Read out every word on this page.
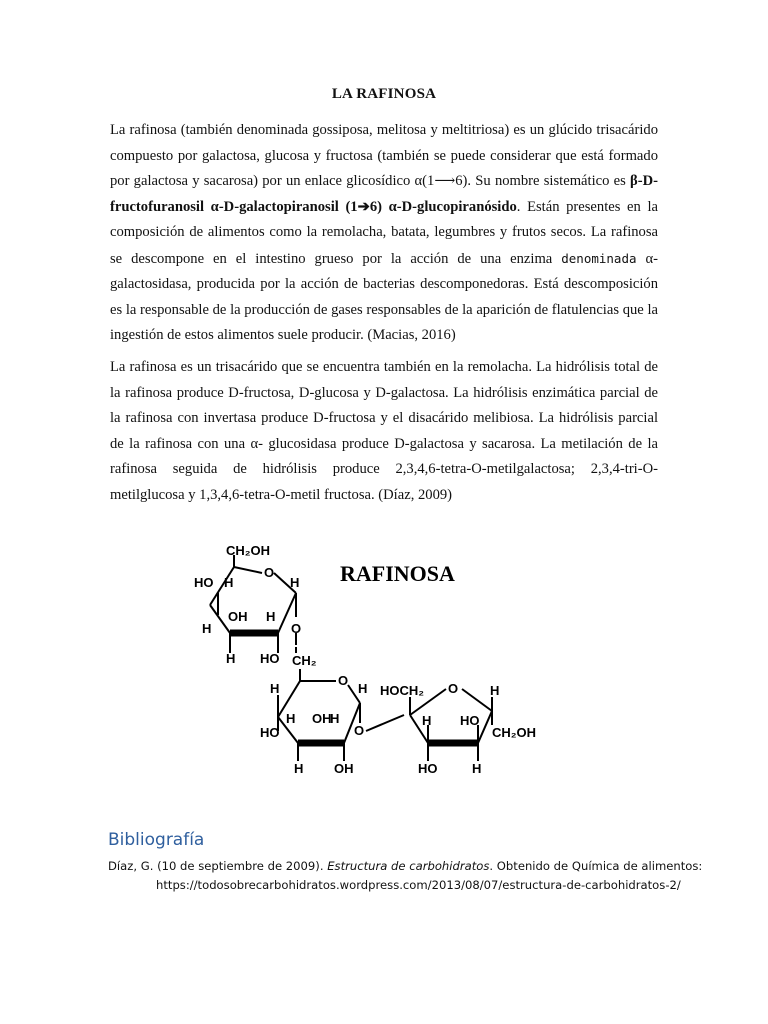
LA RAFINOSA

La rafinosa (también denominada gossiposa, melitosa y meltitriosa) es un glúcido trisacárido compuesto por galactosa, glucosa y fructosa (también se puede considerar que está formado por galactosa y sacarosa) por un enlace glicosídico α(1⟶6). Su nombre sistemático es β-D-fructofuranosil α-D-galactopiranosil (1➔6) α-D-glucopiranósido. Están presentes en la composición de alimentos como la remolacha, batata, legumbres y frutos secos. La rafinosa se descompone en el intestino grueso por la acción de una enzima denominada α-galactosidasa, producida por la acción de bacterias descomponedoras. Está descomposición es la responsable de la producción de gases responsables de la aparición de flatulencias que la ingestión de estos alimentos suele producir. (Macias, 2016)

La rafinosa es un trisacárido que se encuentra también en la remolacha. La hidrólisis total de la rafinosa produce D-fructosa, D-glucosa y D-galactosa. La hidrólisis enzimática parcial de la rafinosa con invertasa produce D-fructosa y el disacárido melibiosa. La hidrólisis parcial de la rafinosa con una α- glucosidasa produce D-galactosa y sacarosa. La metilación de la rafinosa seguida de hidrólisis produce 2,3,4,6-tetra-O-metilgalactosa; 2,3,4-tri-O-metilglucosa y 1,3,4,6-tetra-O-metil fructosa. (Díaz, 2009)

RAFINOSA
CH₂OH
O
HO H	H
OH H
H	O
H HO CH₂
O
H	H
H OH
HO
H
O
H OH
HOCH₂ O H
H HO
CH₂OH
HO	H
Bibliografía
Díaz, G. (10 de septiembre de 2009). Estructura de carbohidratos. Obtenido de Química de alimentos: https://todosobrecarbohidratos.wordpress.com/2013/08/07/estructura-de-carbohidratos-2/
